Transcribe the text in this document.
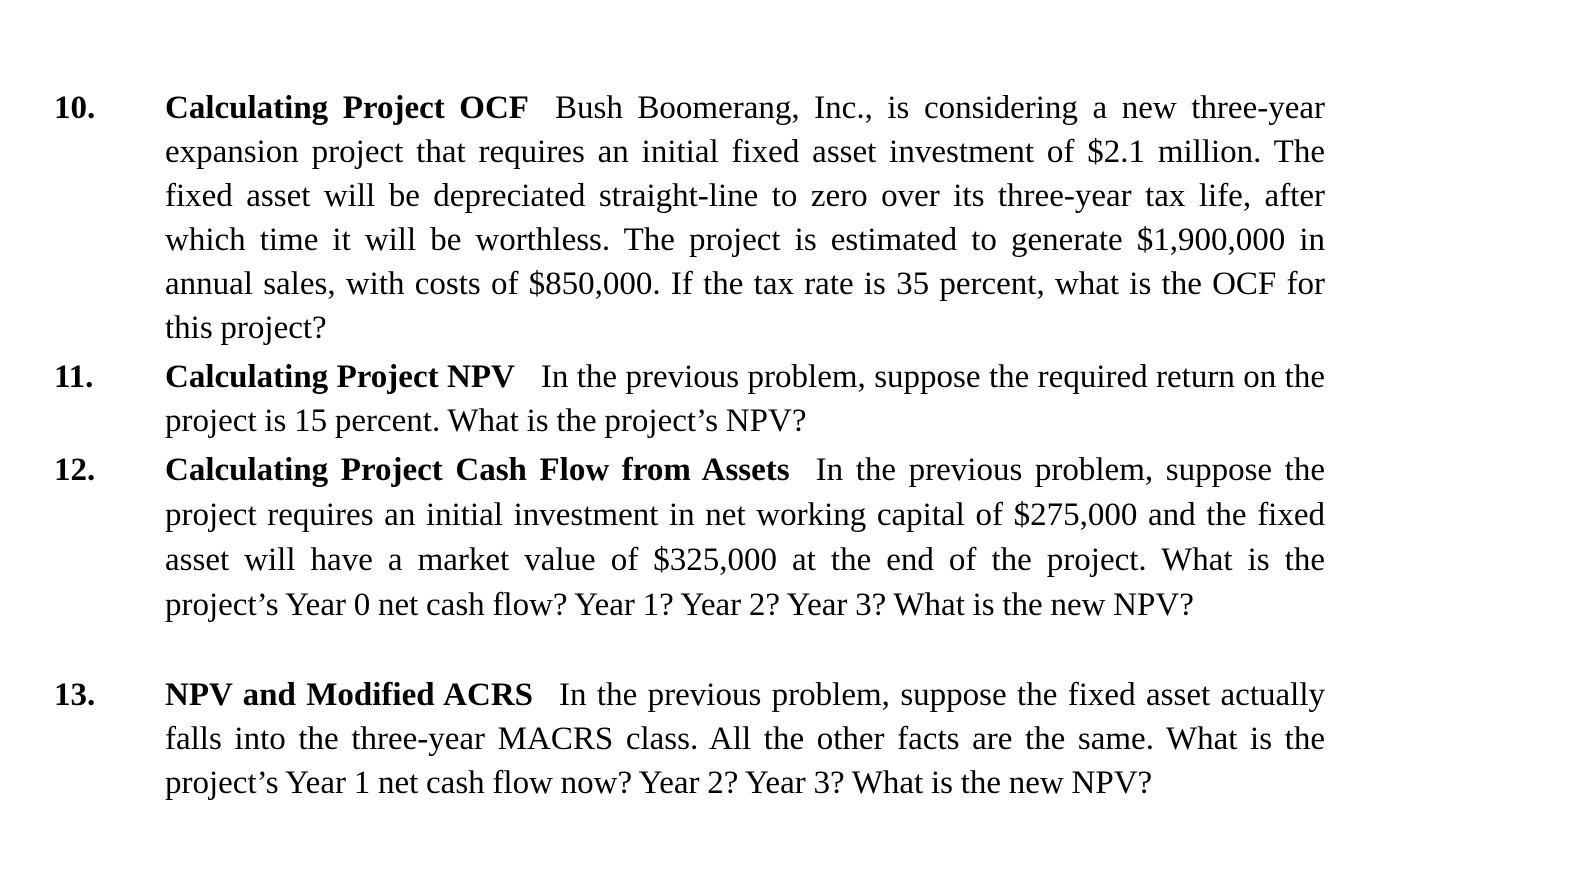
10. Calculating Project OCF Bush Boomerang, Inc., is considering a new three-year expansion project that requires an initial fixed asset investment of $2.1 million. The fixed asset will be depreciated straight-line to zero over its three-year tax life, after which time it will be worthless. The project is estimated to generate $1,900,000 in annual sales, with costs of $850,000. If the tax rate is 35 percent, what is the OCF for this project?
11. Calculating Project NPV In the previous problem, suppose the required return on the project is 15 percent. What is the project’s NPV?
12. Calculating Project Cash Flow from Assets In the previous problem, suppose the project requires an initial investment in net working capital of $275,000 and the fixed asset will have a market value of $325,000 at the end of the project. What is the project’s Year 0 net cash flow? Year 1? Year 2? Year 3? What is the new NPV?
13. NPV and Modified ACRS In the previous problem, suppose the fixed asset actually falls into the three-year MACRS class. All the other facts are the same. What is the project’s Year 1 net cash flow now? Year 2? Year 3? What is the new NPV?
